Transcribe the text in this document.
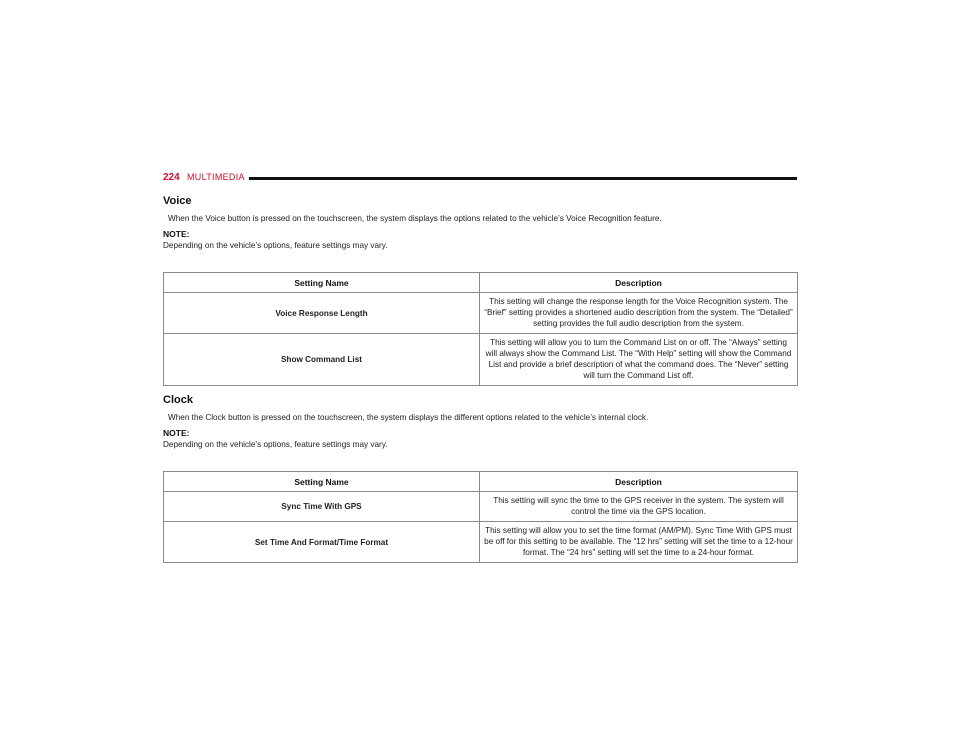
224 MULTIMEDIA
Voice
When the Voice button is pressed on the touchscreen, the system displays the options related to the vehicle’s Voice Recognition feature.
NOTE:
Depending on the vehicle’s options, feature settings may vary.
Setting Name	Description
Voice Response Length	This setting will change the response length for the Voice Recognition system. The “Brief” setting provides a shortened audio description from the system. The “Detailed” setting provides the full audio description from the system.
Show Command List	This setting will allow you to turn the Command List on or off. The “Always” setting will always show the Command List. The “With Help” setting will show the Command List and provide a brief description of what the command does. The “Never” setting will turn the Command List off.
Clock
When the Clock button is pressed on the touchscreen, the system displays the different options related to the vehicle’s internal clock.
NOTE:
Depending on the vehicle’s options, feature settings may vary.
Setting Name	Description
Sync Time With GPS	This setting will sync the time to the GPS receiver in the system. The system will control the time via the GPS location.
Set Time And Format/Time Format	This setting will allow you to set the time format (AM/PM). Sync Time With GPS must be off for this setting to be available. The “12 hrs” setting will set the time to a 12-hour format. The “24 hrs” setting will set the time to a 24-hour format.
